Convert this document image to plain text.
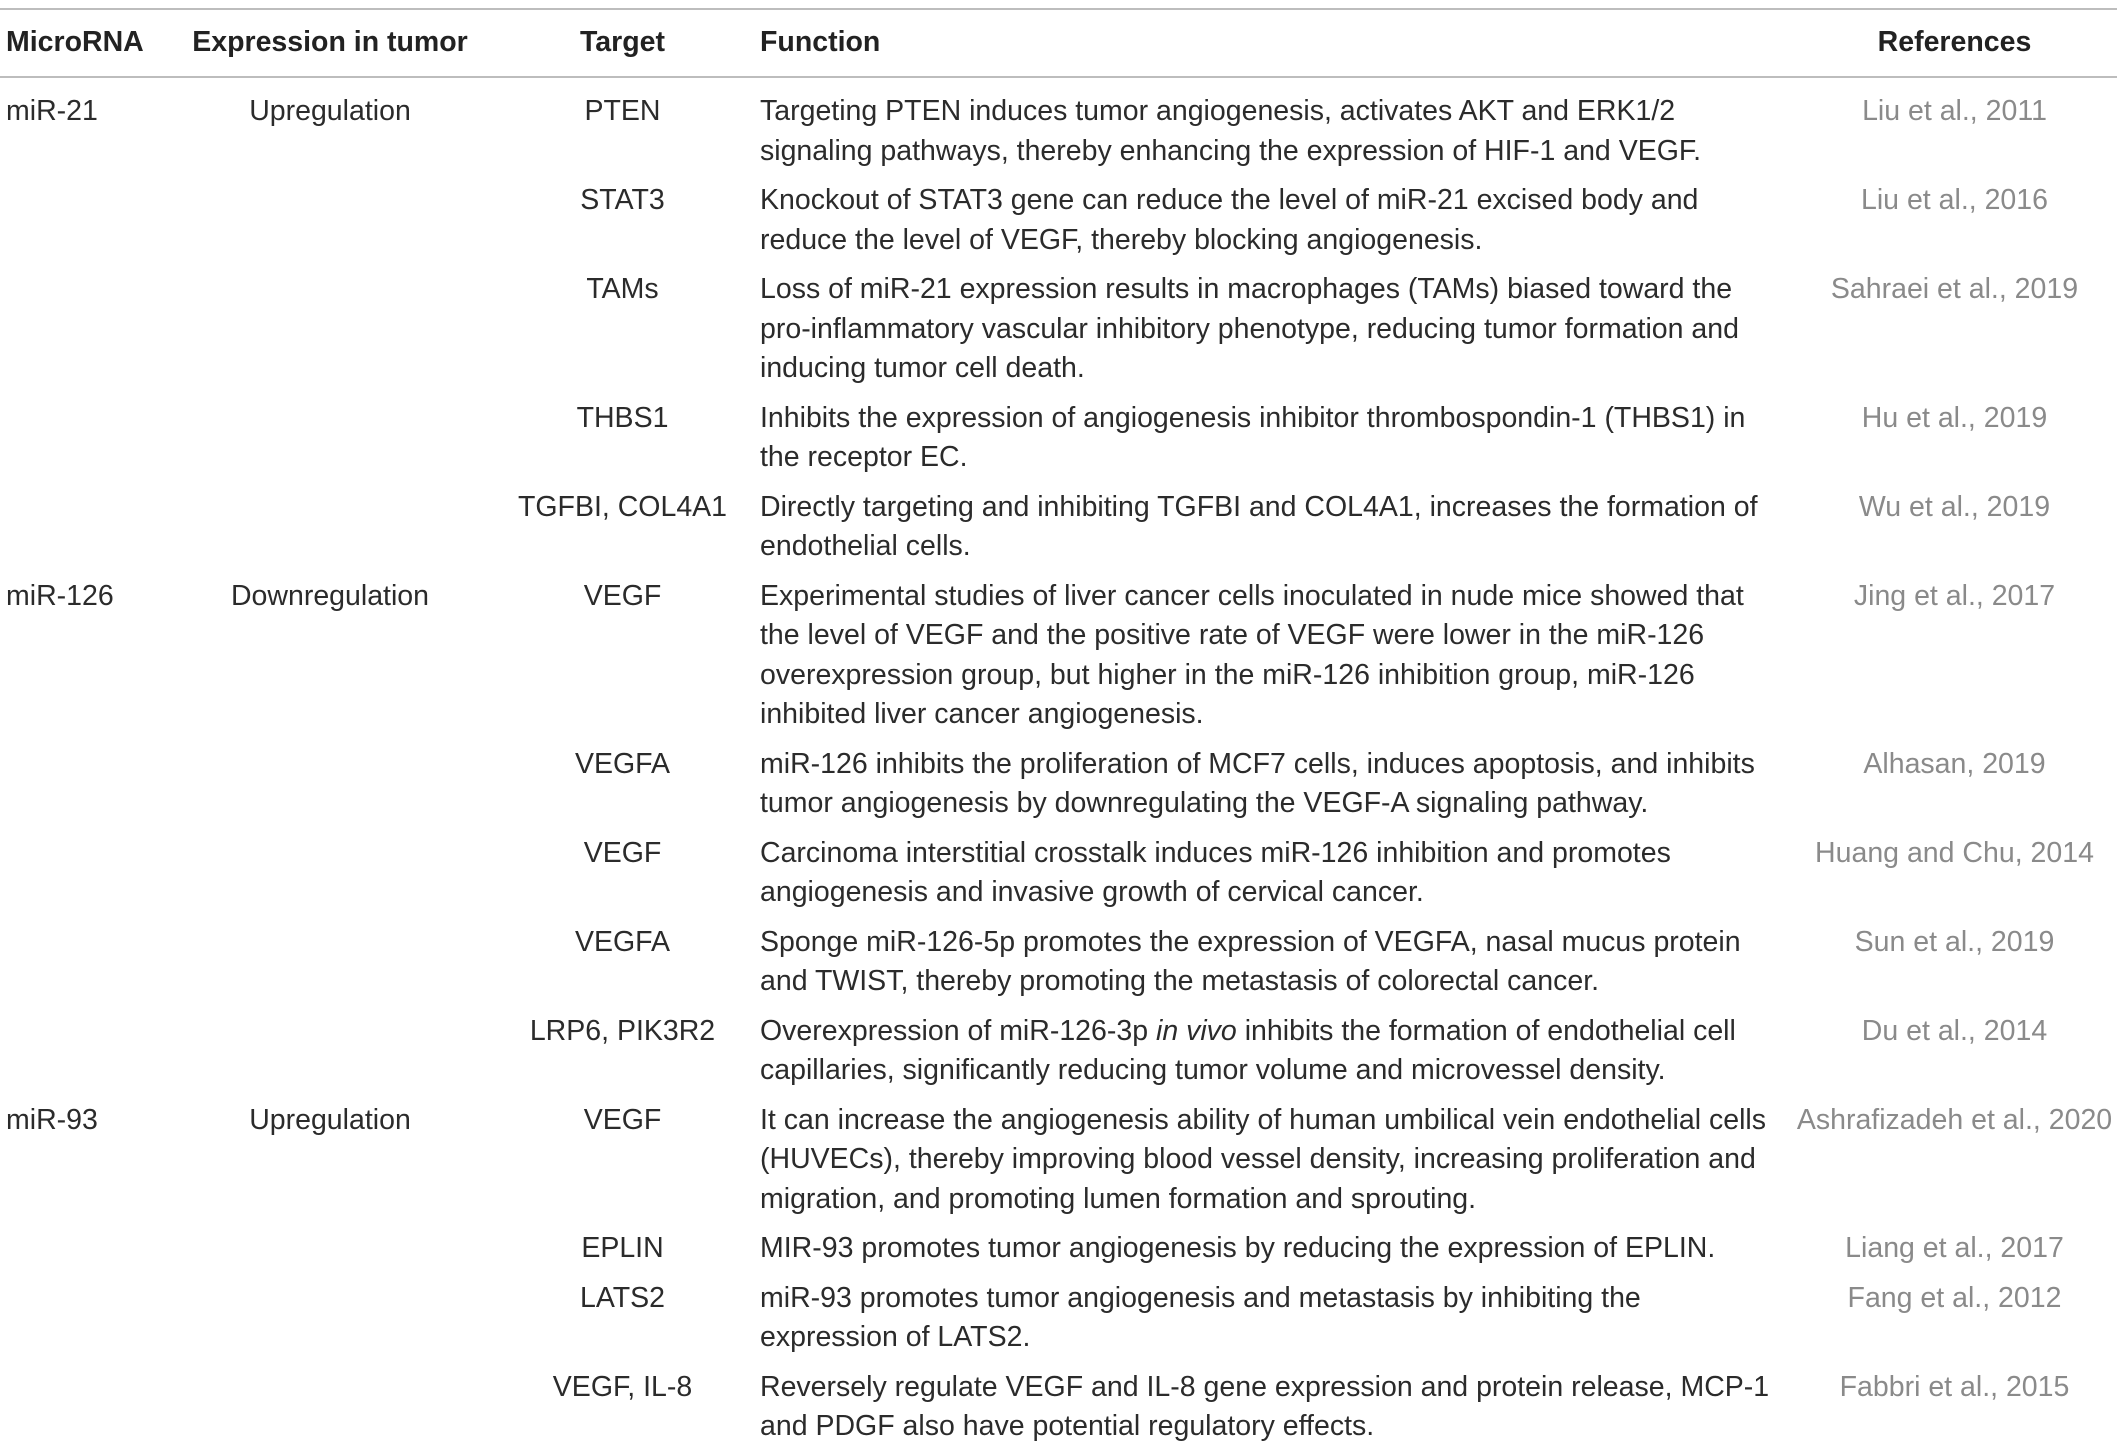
MicroRNA	Expression in tumor	Target	Function	References
miR-21	Upregulation	PTEN	Targeting PTEN induces tumor angiogenesis, activates AKT and ERK1/2 signaling pathways, thereby enhancing the expression of HIF-1 and VEGF.	Liu et al., 2011
		STAT3	Knockout of STAT3 gene can reduce the level of miR-21 excised body and reduce the level of VEGF, thereby blocking angiogenesis.	Liu et al., 2016
		TAMs	Loss of miR-21 expression results in macrophages (TAMs) biased toward the pro-inflammatory vascular inhibitory phenotype, reducing tumor formation and inducing tumor cell death.	Sahraei et al., 2019
		THBS1	Inhibits the expression of angiogenesis inhibitor thrombospondin-1 (THBS1) in the receptor EC.	Hu et al., 2019
		TGFBI, COL4A1	Directly targeting and inhibiting TGFBI and COL4A1, increases the formation of endothelial cells.	Wu et al., 2019
miR-126	Downregulation	VEGF	Experimental studies of liver cancer cells inoculated in nude mice showed that the level of VEGF and the positive rate of VEGF were lower in the miR-126 overexpression group, but higher in the miR-126 inhibition group, miR-126 inhibited liver cancer angiogenesis.	Jing et al., 2017
		VEGFA	miR-126 inhibits the proliferation of MCF7 cells, induces apoptosis, and inhibits tumor angiogenesis by downregulating the VEGF-A signaling pathway.	Alhasan, 2019
		VEGF	Carcinoma interstitial crosstalk induces miR-126 inhibition and promotes angiogenesis and invasive growth of cervical cancer.	Huang and Chu, 2014
		VEGFA	Sponge miR-126-5p promotes the expression of VEGFA, nasal mucus protein and TWIST, thereby promoting the metastasis of colorectal cancer.	Sun et al., 2019
		LRP6, PIK3R2	Overexpression of miR-126-3p in vivo inhibits the formation of endothelial cell capillaries, significantly reducing tumor volume and microvessel density.	Du et al., 2014
miR-93	Upregulation	VEGF	It can increase the angiogenesis ability of human umbilical vein endothelial cells (HUVECs), thereby improving blood vessel density, increasing proliferation and migration, and promoting lumen formation and sprouting.	Ashrafizadeh et al., 2020
		EPLIN	MIR-93 promotes tumor angiogenesis by reducing the expression of EPLIN.	Liang et al., 2017
		LATS2	miR-93 promotes tumor angiogenesis and metastasis by inhibiting the expression of LATS2.	Fang et al., 2012
		VEGF, IL-8	Reversely regulate VEGF and IL-8 gene expression and protein release, MCP-1 and PDGF also have potential regulatory effects.	Fabbri et al., 2015
